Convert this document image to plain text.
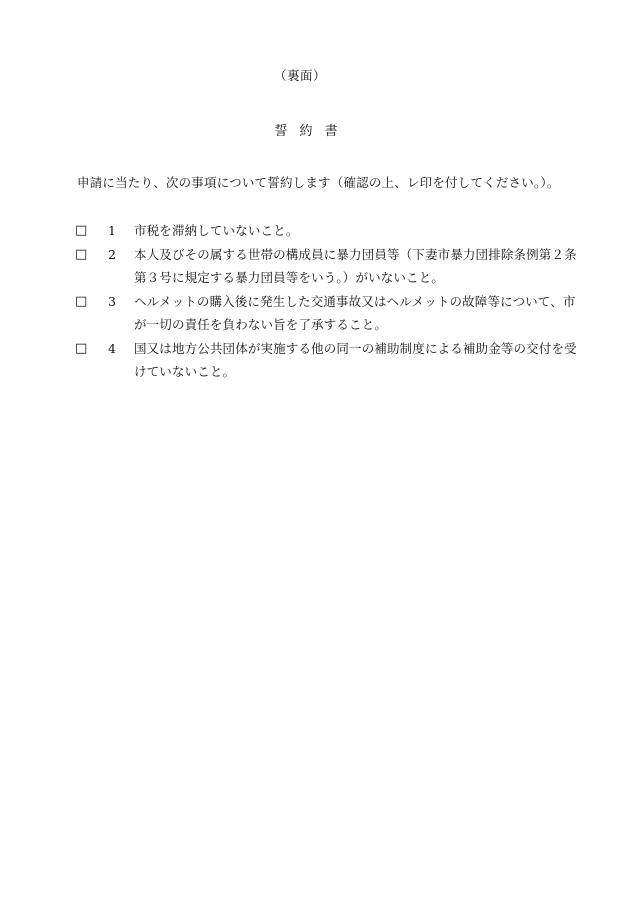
（裏面）
誓約書
申請に当たり、次の事項について誓約します（確認の上、レ印を付してください。）。
□	1	市税を滞納していないこと。
□	2	本人及びその属する世帯の構成員に暴力団員等（下妻市暴力団排除条例第２条
第３号に規定する暴力団員等をいう。）がいないこと。
□	3	ヘルメットの購入後に発生した交通事故又はヘルメットの故障等について、市
が一切の責任を負わない旨を了承すること。
□	4	国又は地方公共団体が実施する他の同一の補助制度による補助金等の交付を受
けていないこと。
